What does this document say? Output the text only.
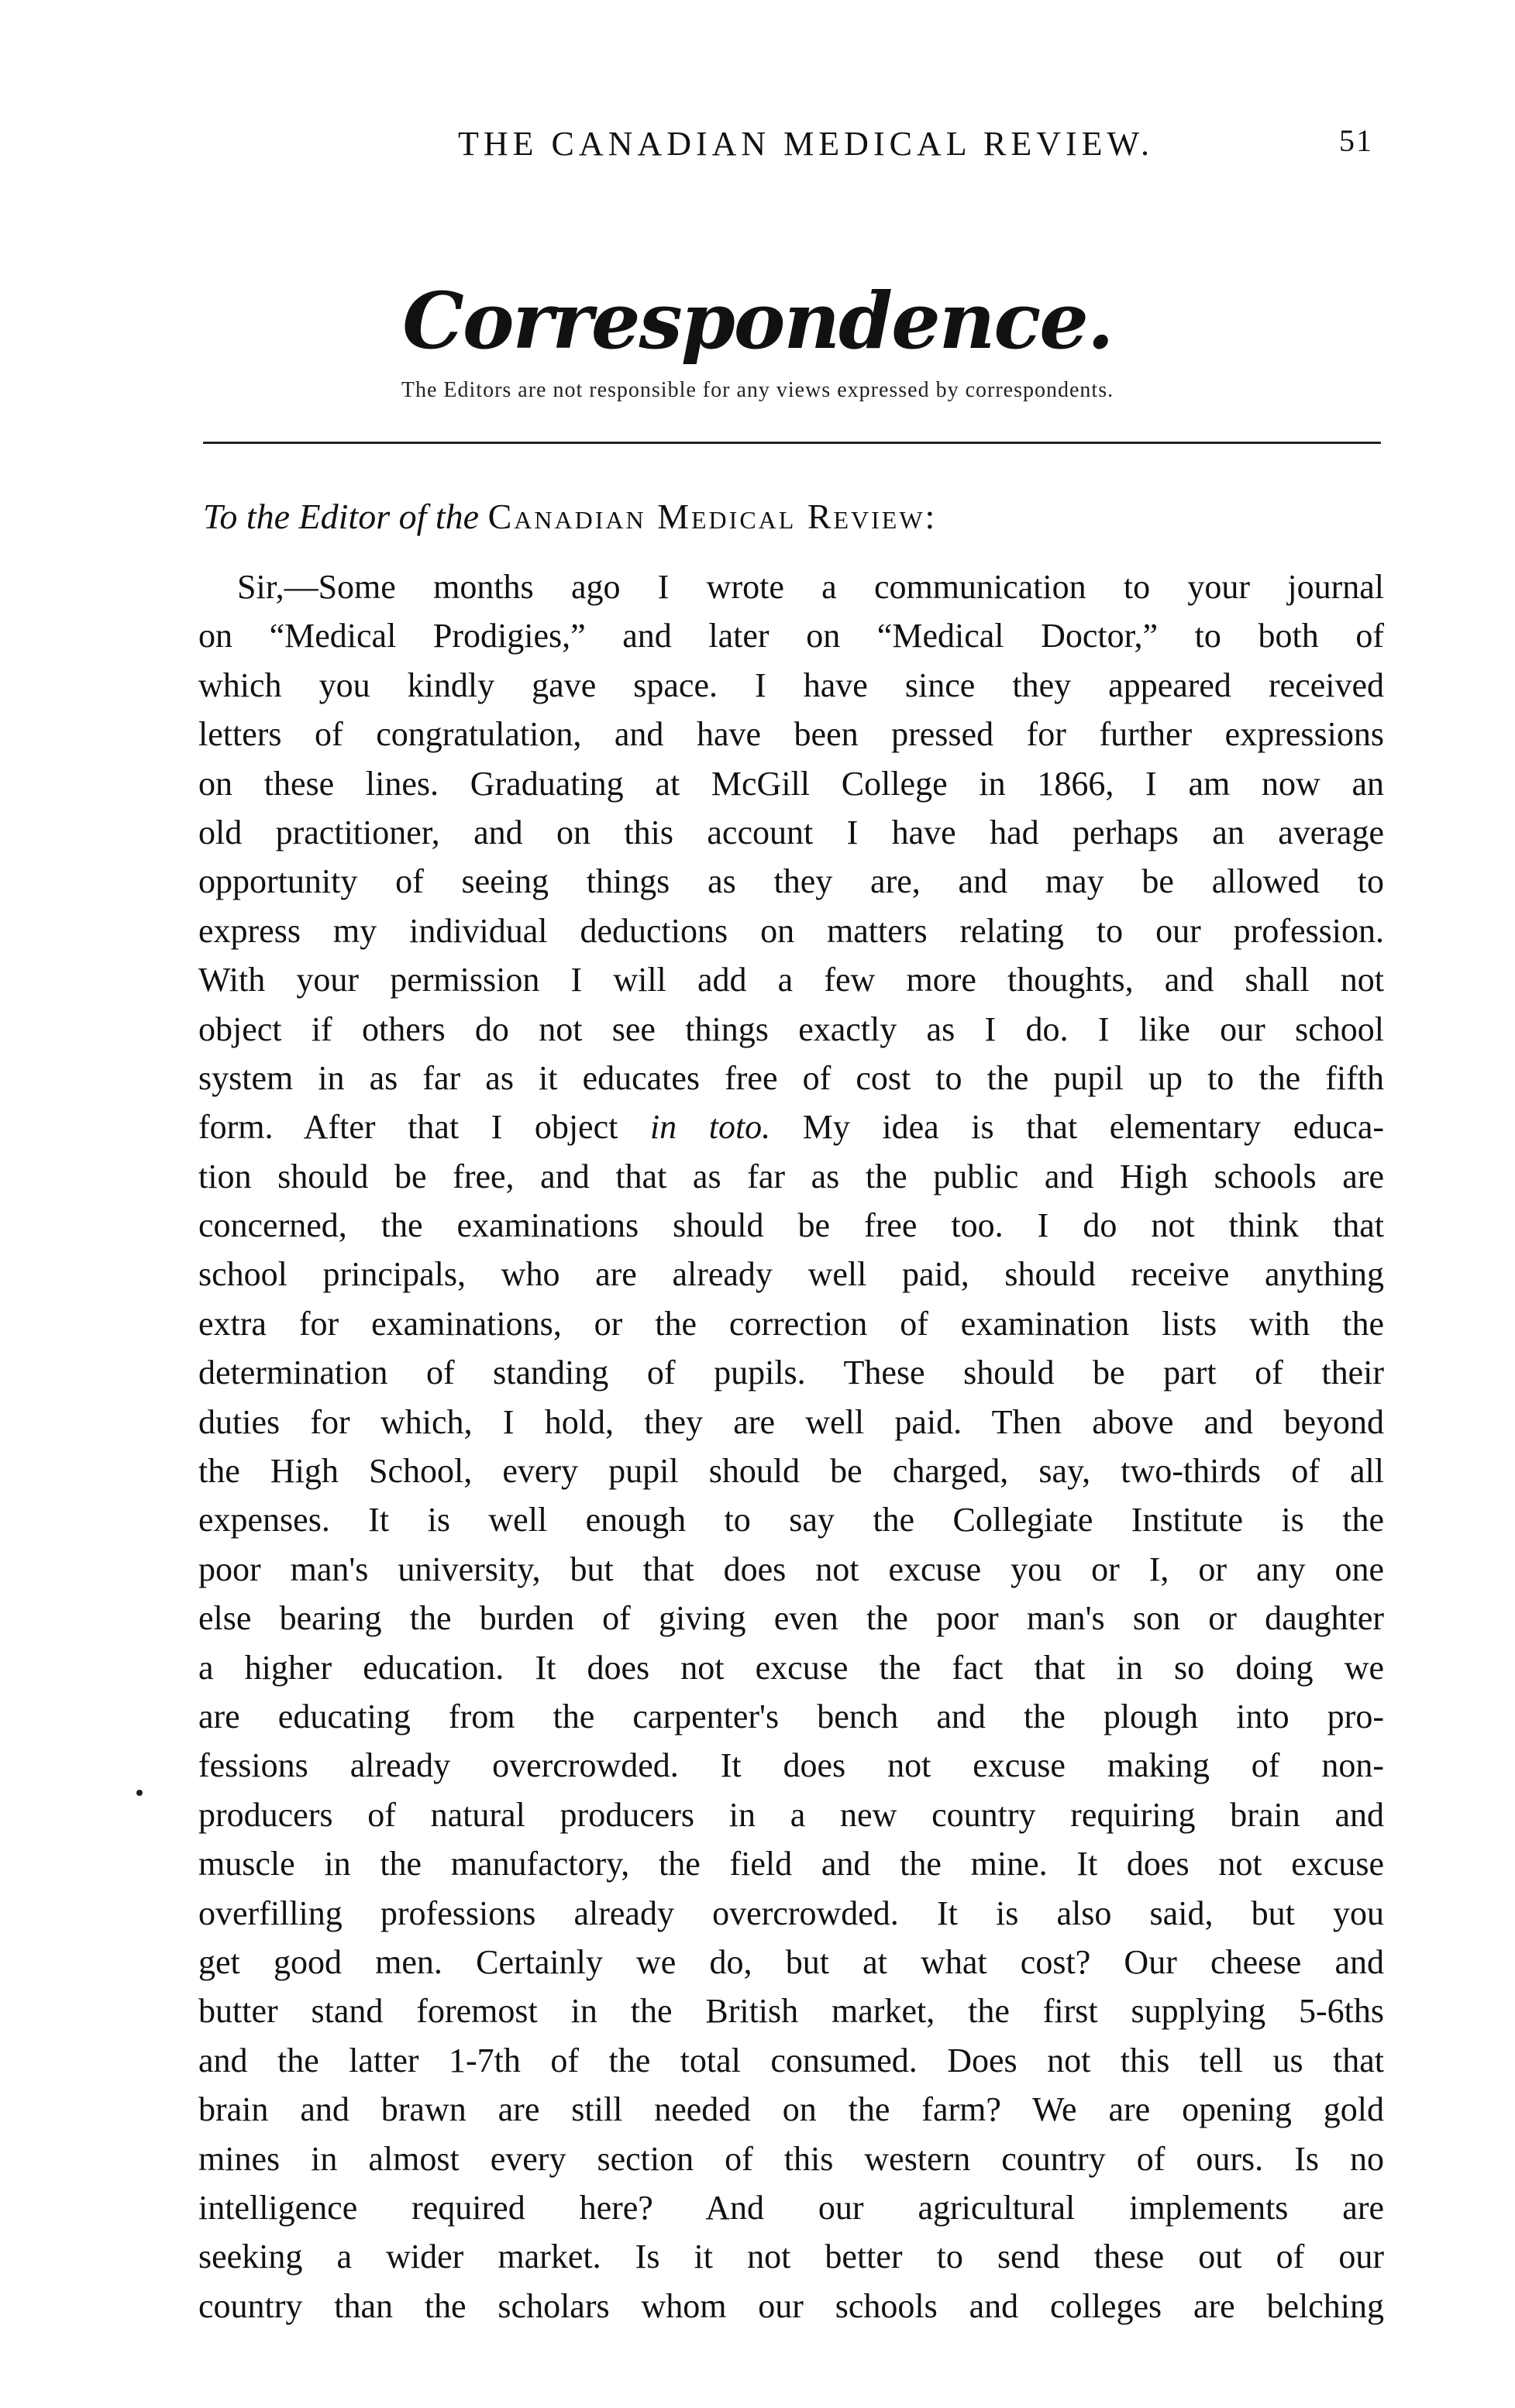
THE CANADIAN MEDICAL REVIEW.	51
Correspondence.
The Editors are not responsible for any views expressed by correspondents.
To the Editor of the Canadian Medical Review:
Sir,—Some months ago I wrote a communication to your journal
on “Medical Prodigies,” and later on “Medical Doctor,” to both of
which you kindly gave space. I have since they appeared received
letters of congratulation, and have been pressed for further expressions
on these lines. Graduating at McGill College in 1866, I am now an
old practitioner, and on this account I have had perhaps an average
opportunity of seeing things as they are, and may be allowed to
express my individual deductions on matters relating to our profession.
With your permission I will add a few more thoughts, and shall not
object if others do not see things exactly as I do. I like our school
system in as far as it educates free of cost to the pupil up to the fifth
form. After that I object in toto. My idea is that elementary educa-
tion should be free, and that as far as the public and High schools are
concerned, the examinations should be free too. I do not think that
school principals, who are already well paid, should receive anything
extra for examinations, or the correction of examination lists with the
determination of standing of pupils. These should be part of their
duties for which, I hold, they are well paid. Then above and beyond
the High School, every pupil should be charged, say, two-thirds of all
expenses. It is well enough to say the Collegiate Institute is the
poor man's university, but that does not excuse you or I, or any one
else bearing the burden of giving even the poor man's son or daughter
a higher education. It does not excuse the fact that in so doing we
are educating from the carpenter's bench and the plough into pro-
fessions already overcrowded. It does not excuse making of non-
producers of natural producers in a new country requiring brain and
muscle in the manufactory, the field and the mine. It does not excuse
overfilling professions already overcrowded. It is also said, but you
get good men. Certainly we do, but at what cost? Our cheese and
butter stand foremost in the British market, the first supplying 5-6ths
and the latter 1-7th of the total consumed. Does not this tell us that
brain and brawn are still needed on the farm? We are opening gold
mines in almost every section of this western country of ours. Is no
intelligence required here? And our agricultural implements are
seeking a wider market. Is it not better to send these out of our
country than the scholars whom our schools and colleges are belching
